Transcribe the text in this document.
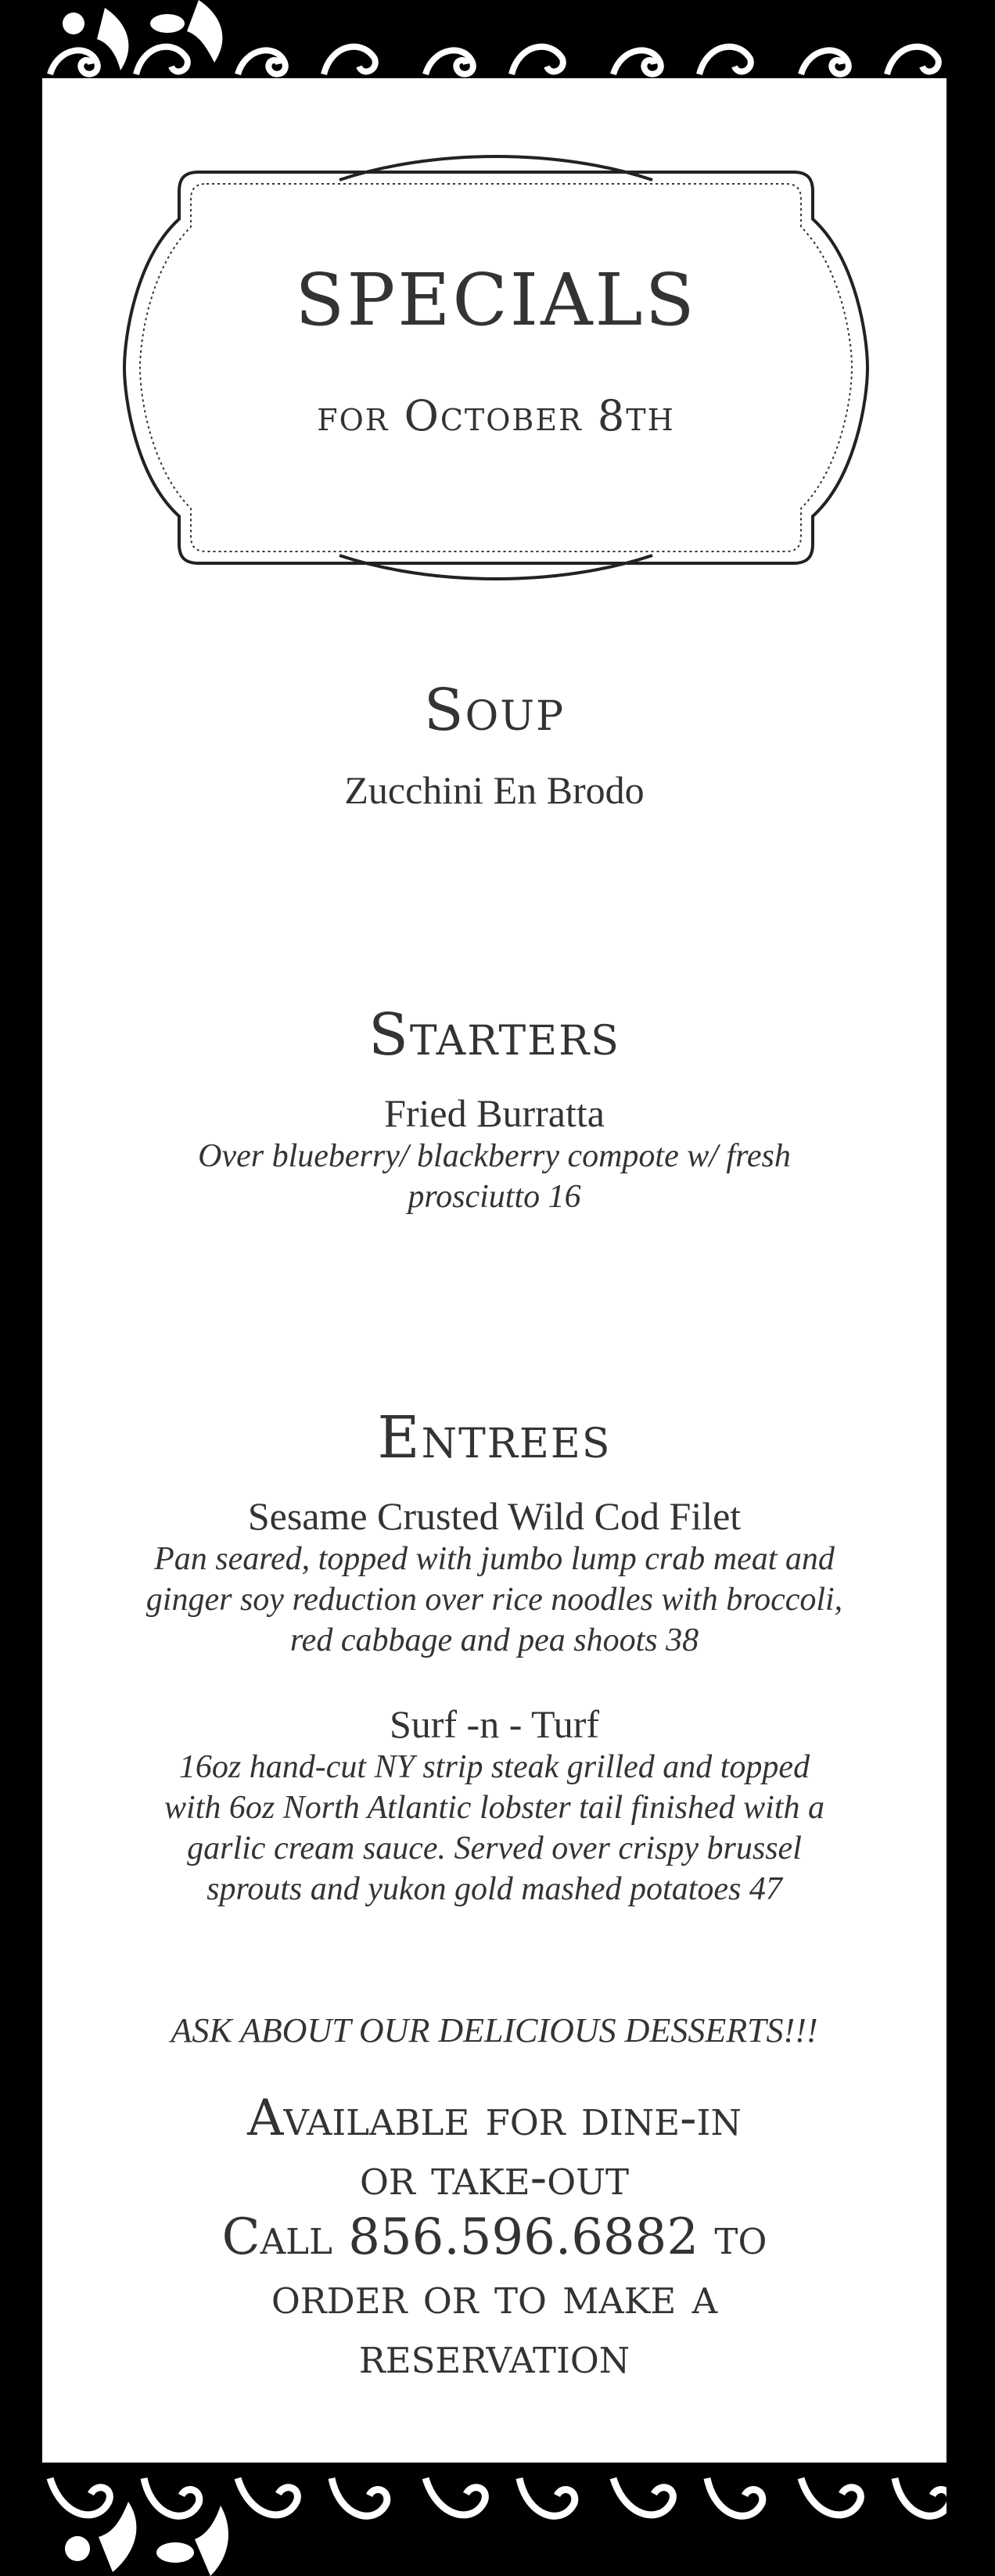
SPECIALS
for October 8th

Soup

Zucchini En Brodo

Starters

Fried Burratta

Over blueberry/ blackberry compote w/ fresh

prosciutto 16

Entrees

Sesame Crusted Wild Cod Filet

Pan seared, topped with jumbo lump crab meat and

ginger soy reduction over rice noodles with broccoli,

red cabbage and pea shoots 38

Surf -n - Turf

16oz hand-cut NY strip steak grilled and topped

with 6oz North Atlantic lobster tail finished with a

garlic cream sauce. Served over crispy brussel

sprouts and yukon gold mashed potatoes 47

ASK ABOUT OUR DELICIOUS DESSERTS!!!

Available for dine-in

or take-out

Call 856.596.6882 to

order or to make a

reservation
